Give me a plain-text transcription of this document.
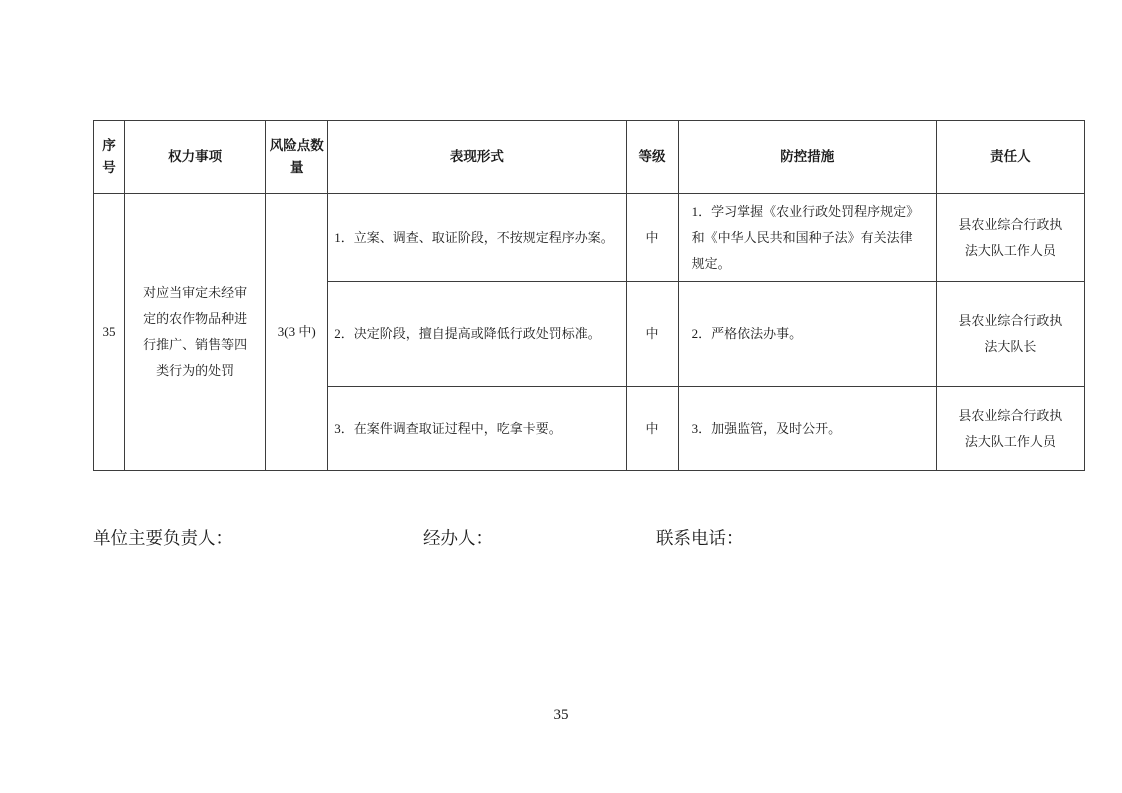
序号	权力事项	风险点数量	表现形式	等级	防控措施	责任人
35	对应当审定未经审定的农作物品种进行推广、销售等四类行为的处罚	3(3 中)	1．立案、调查、取证阶段，不按规定程序办案。	中	1．学习掌握《农业行政处罚程序规定》和《中华人民共和国种子法》有关法律规定。	县农业综合行政执法大队工作人员
			2．决定阶段，擅自提高或降低行政处罚标准。	中	2．严格依法办事。	县农业综合行政执法大队长
			3．在案件调查取证过程中，吃拿卡要。	中	3．加强监管，及时公开。	县农业综合行政执法大队工作人员
单位主要负责人：	经办人：	联系电话：
35
